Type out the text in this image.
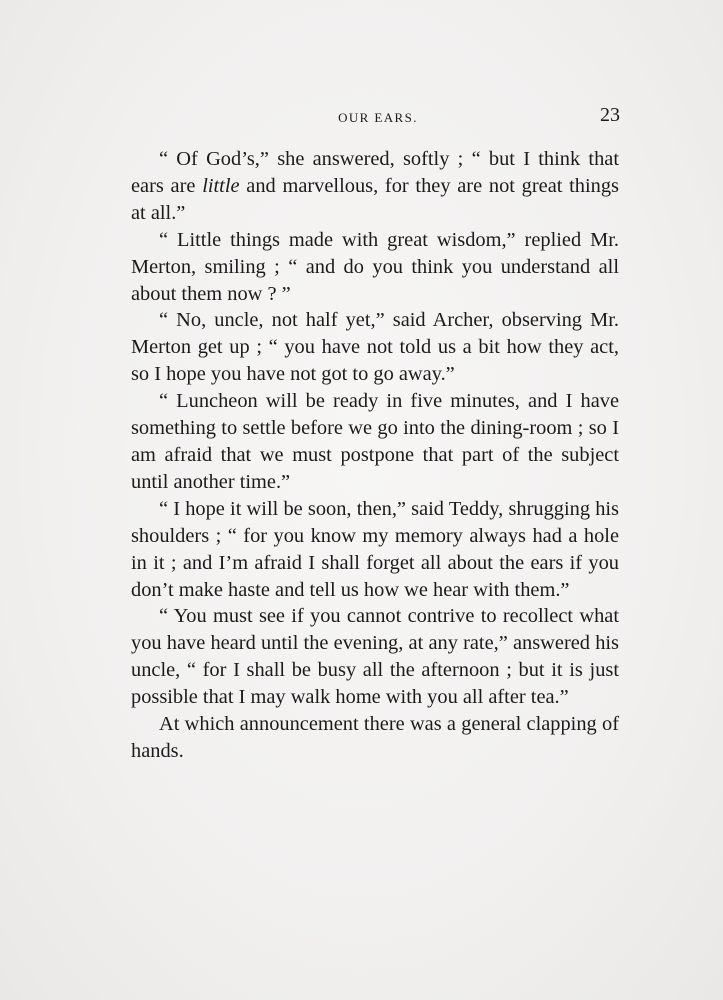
OUR EARS.	23

“ Of God’s,” she answered, softly ; “ but I think that ears are little and marvellous, for they are not great things at all.”

“ Little things made with great wisdom,” replied Mr. Merton, smiling ; “ and do you think you understand all about them now ? ”

“ No, uncle, not half yet,” said Archer, observing Mr. Merton get up ; “ you have not told us a bit how they act, so I hope you have not got to go away.”

“ Luncheon will be ready in five minutes, and I have something to settle before we go into the dining-room ; so I am afraid that we must postpone that part of the subject until another time.”

“ I hope it will be soon, then,” said Teddy, shrugging his shoulders ; “ for you know my memory always had a hole in it ; and I’m afraid I shall forget all about the ears if you don’t make haste and tell us how we hear with them.”

“ You must see if you cannot contrive to recollect what you have heard until the evening, at any rate,” answered his uncle, “ for I shall be busy all the afternoon ; but it is just possible that I may walk home with you all after tea.”

At which announcement there was a general clapping of hands.
